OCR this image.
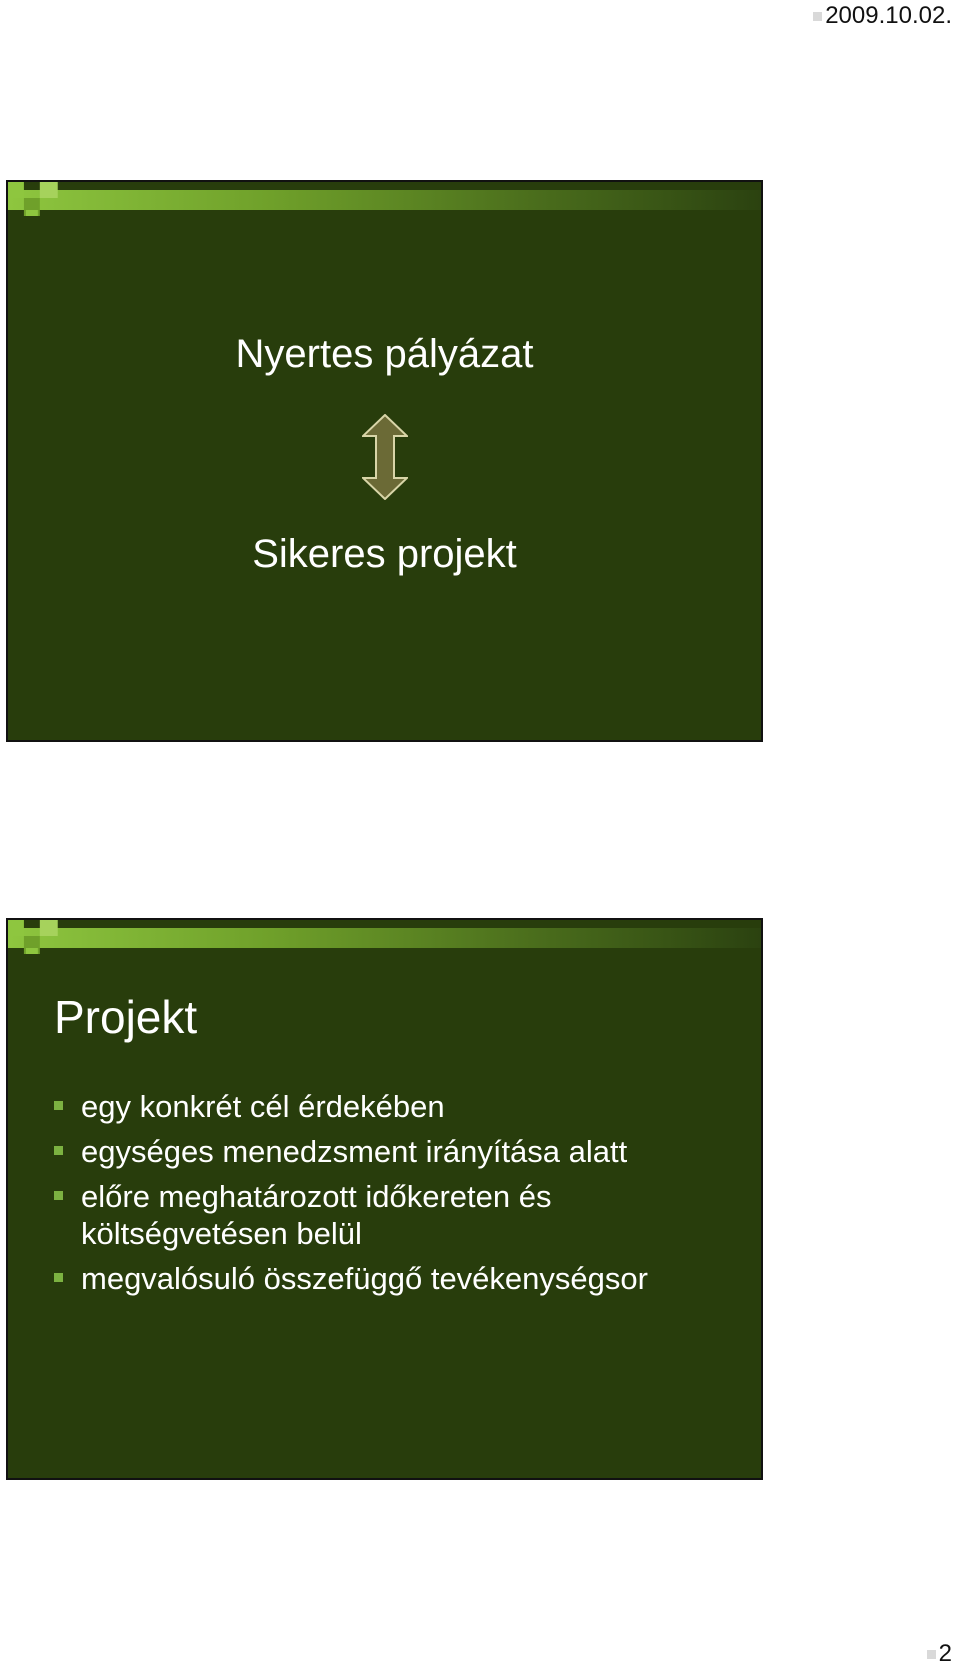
2009.10.02.
Nyertes pályázat
Sikeres projekt
Projekt
egy konkrét cél érdekében
egységes menedzsment irányítása alatt
előre meghatározott időkereten és költségvetésen belül
megvalósuló összefüggő tevékenységsor
2
